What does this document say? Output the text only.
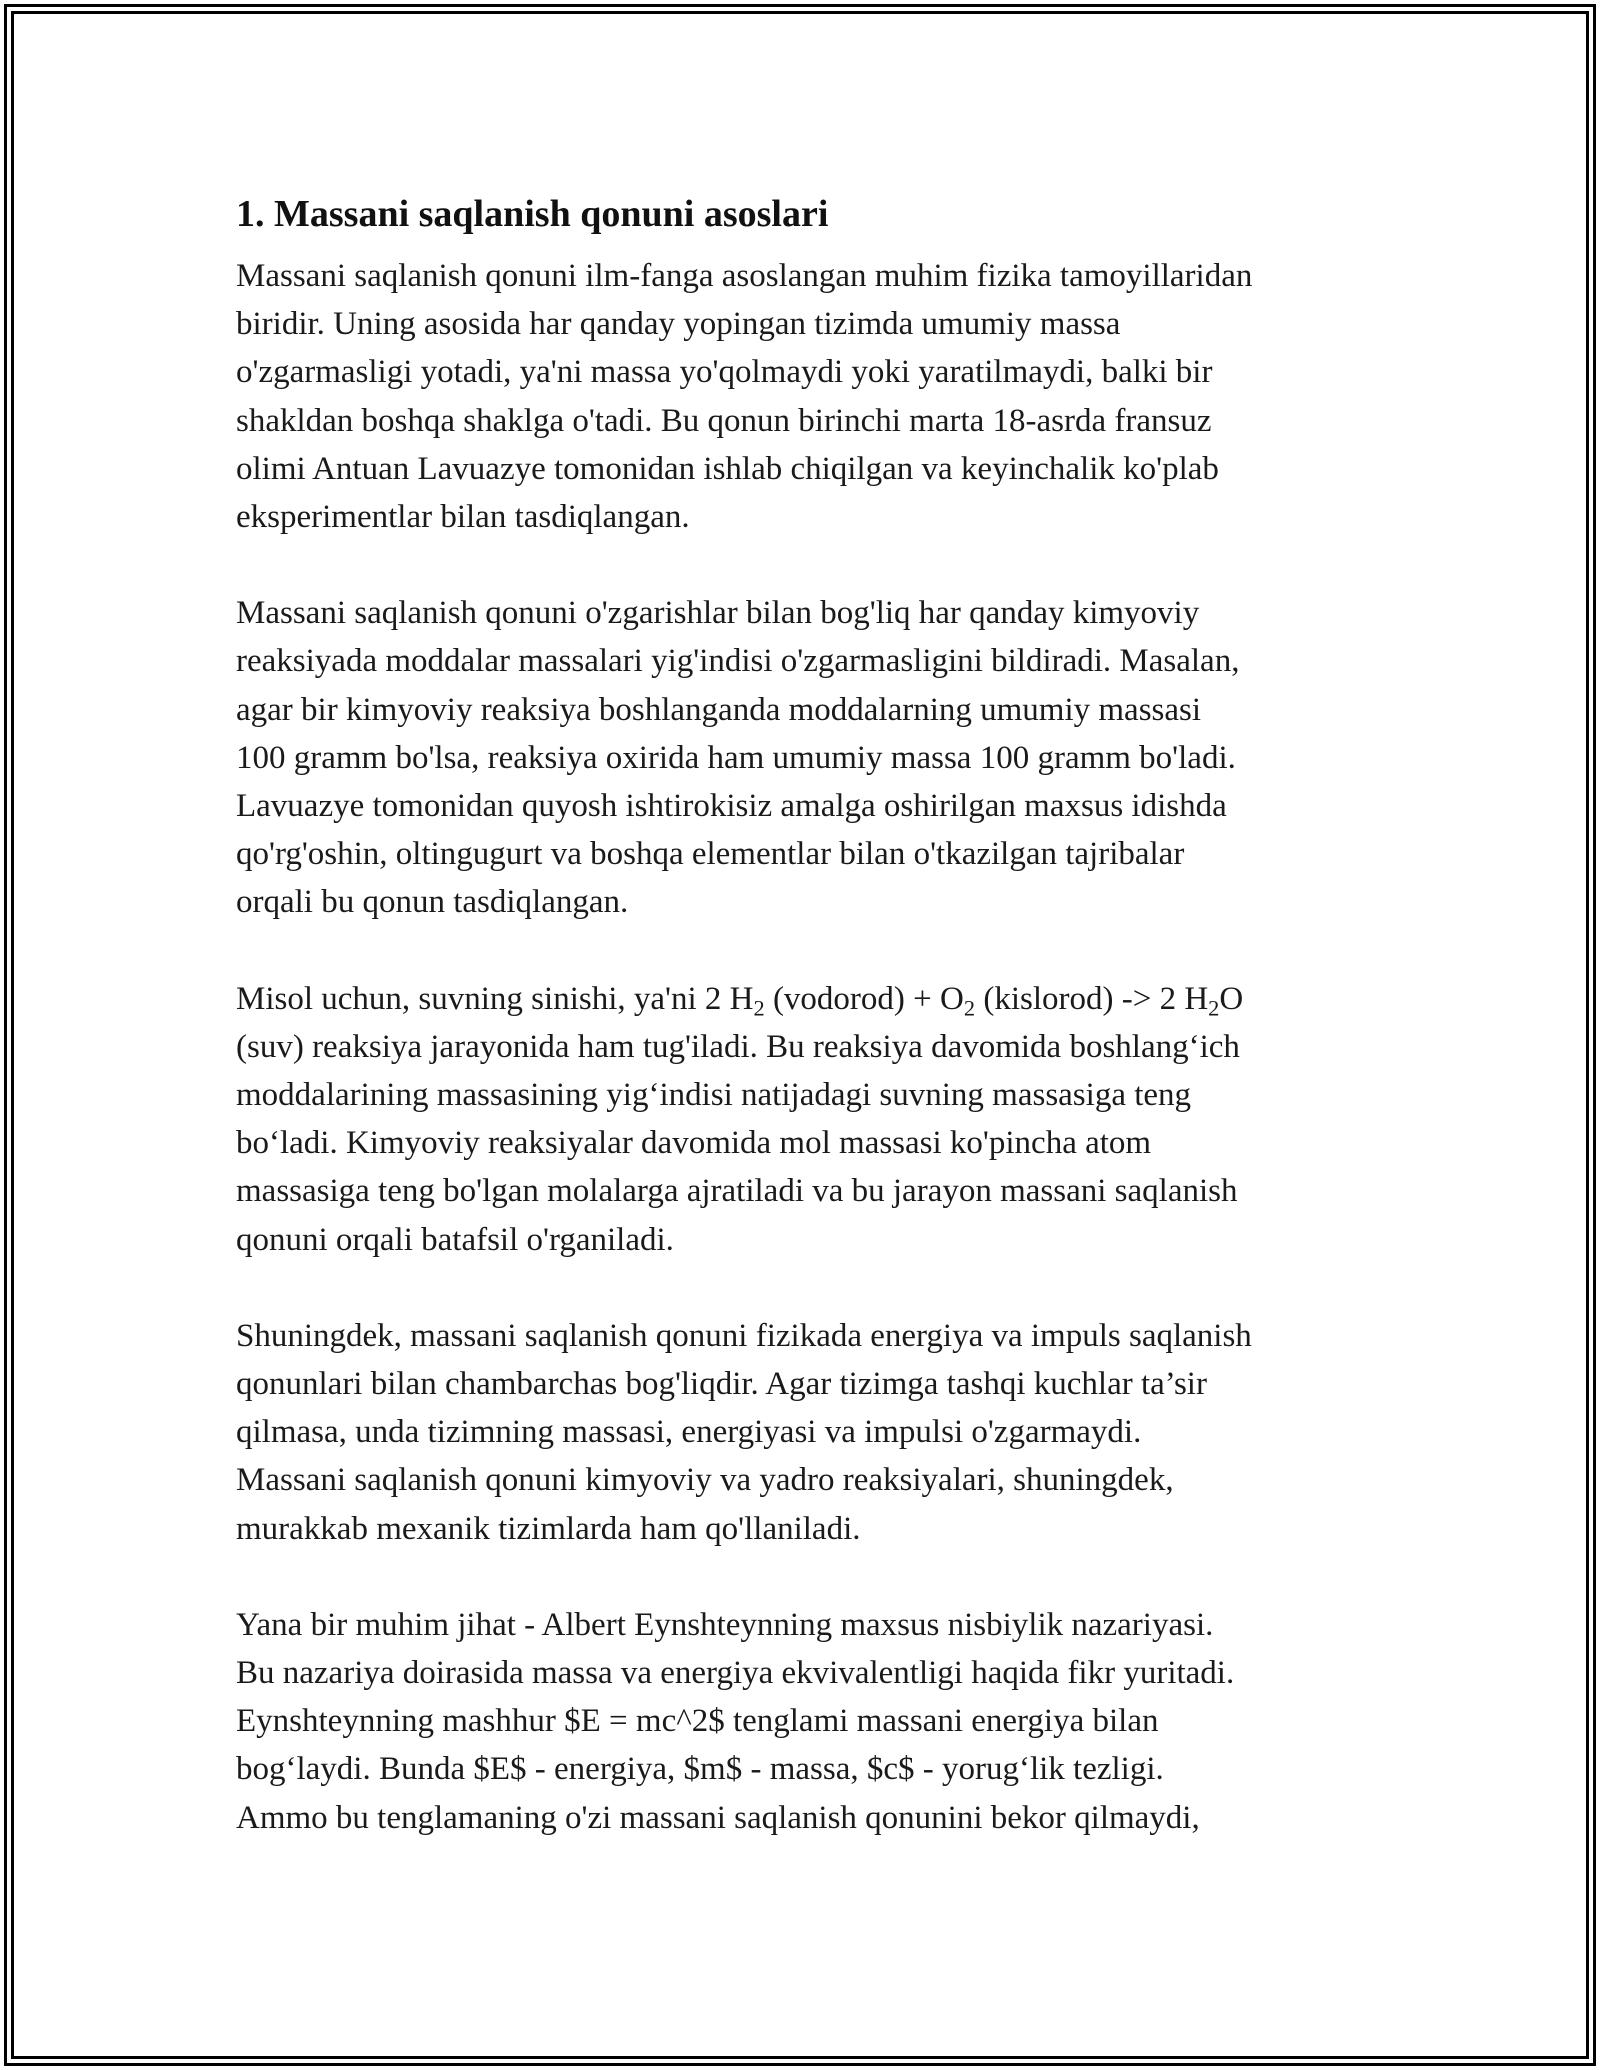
1. Massani saqlanish qonuni asoslari

Massani saqlanish qonuni ilm-fanga asoslangan muhim fizika tamoyillaridan
biridir. Uning asosida har qanday yopingan tizimda umumiy massa
o'zgarmasligi yotadi, ya'ni massa yo'qolmaydi yoki yaratilmaydi, balki bir
shakldan boshqa shaklga o'tadi. Bu qonun birinchi marta 18-asrda fransuz
olimi Antuan Lavuazye tomonidan ishlab chiqilgan va keyinchalik ko'plab
eksperimentlar bilan tasdiqlangan.

Massani saqlanish qonuni o'zgarishlar bilan bog'liq har qanday kimyoviy
reaksiyada moddalar massalari yig'indisi o'zgarmasligini bildiradi. Masalan,
agar bir kimyoviy reaksiya boshlanganda moddalarning umumiy massasi
100 gramm bo'lsa, reaksiya oxirida ham umumiy massa 100 gramm bo'ladi.
Lavuazye tomonidan quyosh ishtirokisiz amalga oshirilgan maxsus idishda
qo'rg'oshin, oltingugurt va boshqa elementlar bilan o'tkazilgan tajribalar
orqali bu qonun tasdiqlangan.

Misol uchun, suvning sinishi, ya'ni 2 $H_2$ (vodorod) + $O_2$ (kislorod) -> 2 $H_2O$
(suv) reaksiya jarayonida ham tug'iladi. Bu reaksiya davomida boshlang‘ich
moddalarining massasining yig‘indisi natijadagi suvning massasiga teng
bo‘ladi. Kimyoviy reaksiyalar davomida mol massasi ko'pincha atom
massasiga teng bo'lgan molalarga ajratiladi va bu jarayon massani saqlanish
qonuni orqali batafsil o'rganiladi.

Shuningdek, massani saqlanish qonuni fizikada energiya va impuls saqlanish
qonunlari bilan chambarchas bog'liqdir. Agar tizimga tashqi kuchlar ta’sir
qilmasa, unda tizimning massasi, energiyasi va impulsi o'zgarmaydi.
Massani saqlanish qonuni kimyoviy va yadro reaksiyalari, shuningdek,
murakkab mexanik tizimlarda ham qo'llaniladi.

Yana bir muhim jihat - Albert Eynshteynning maxsus nisbiylik nazariyasi.
Bu nazariya doirasida massa va energiya ekvivalentligi haqida fikr yuritadi.
Eynshteynning mashhur $E = mc^2$ tenglami massani energiya bilan
bog‘laydi. Bunda $E$ - energiya, $m$ - massa, $c$ - yorug‘lik tezligi.
Ammo bu tenglamaning o'zi massani saqlanish qonunini bekor qilmaydi,
